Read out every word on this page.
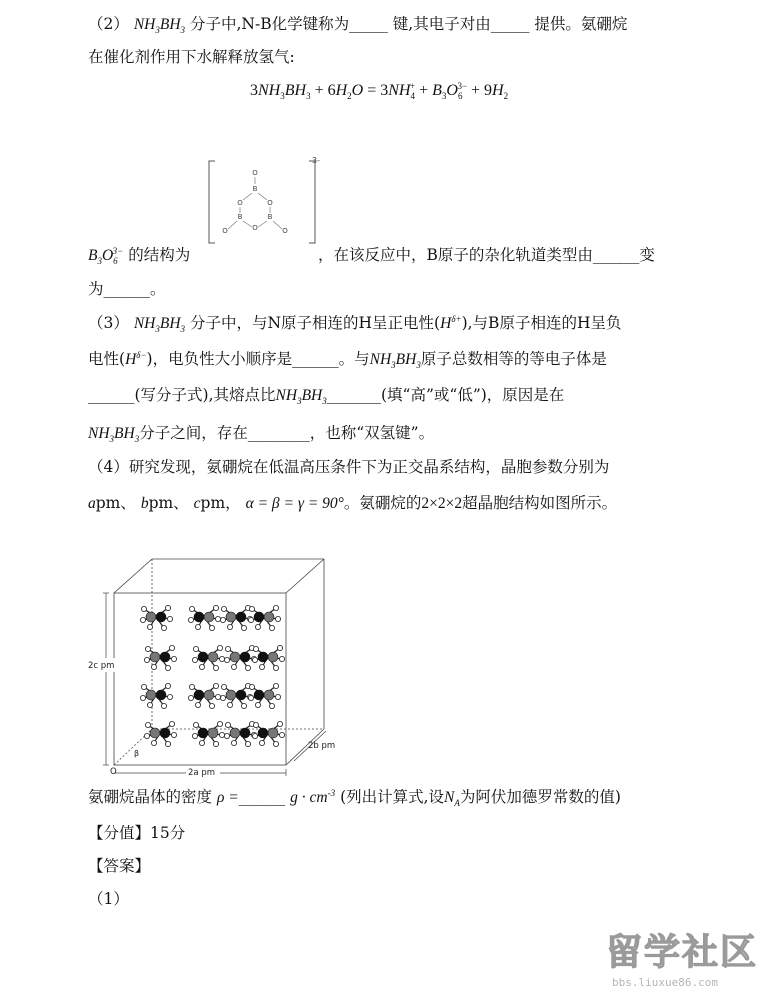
（2） $NH_3BH_3$ 分子中,N-B化学键称为_____ 键,其电子对由_____ 提供。氨硼烷
在催化剂作用下水解释放氢气:
$3NH_3BH_3 + 6H_2O = 3NH_4^+ + B_3O_6^{3-} + 9H_2$
O
B
O	O
B	B
O
O	O
3-
$B_3O_6^{3-}$ 的结构为	，在该反应中，B原子的杂化轨道类型由______变
为______。
（3） $NH_3BH_3$ 分子中，与N原子相连的H呈正电性$(H^{\delta+})$,与B原子相连的H呈负
电性$(H^{\delta-})$，电负性大小顺序是______。与$NH_3BH_3$原子总数相等的等电子体是
______(写分子式),其熔点比$NH_3BH_3\_\_\_\_\_\_\_$(填“高”或“低”)，原因是在
$NH_3BH_3$分子之间，存在________，也称“双氢键”。
（4）研究发现，氨硼烷在低温高压条件下为正交晶系结构，晶胞参数分别为
apm、 bpm、 cpm， α = β = γ = 90°。氨硼烷的2×2×2超晶胞结构如图所示。
2c pm
2a pm
2b pm
O
β
氨硼烷晶体的密度 ρ =______ $g \cdot cm^{-3}$ (列出计算式,设$N_A$为阿伏加德罗常数的值)
【分值】15分
【答案】
（1）
留学社区
bbs.liuxue86.com
